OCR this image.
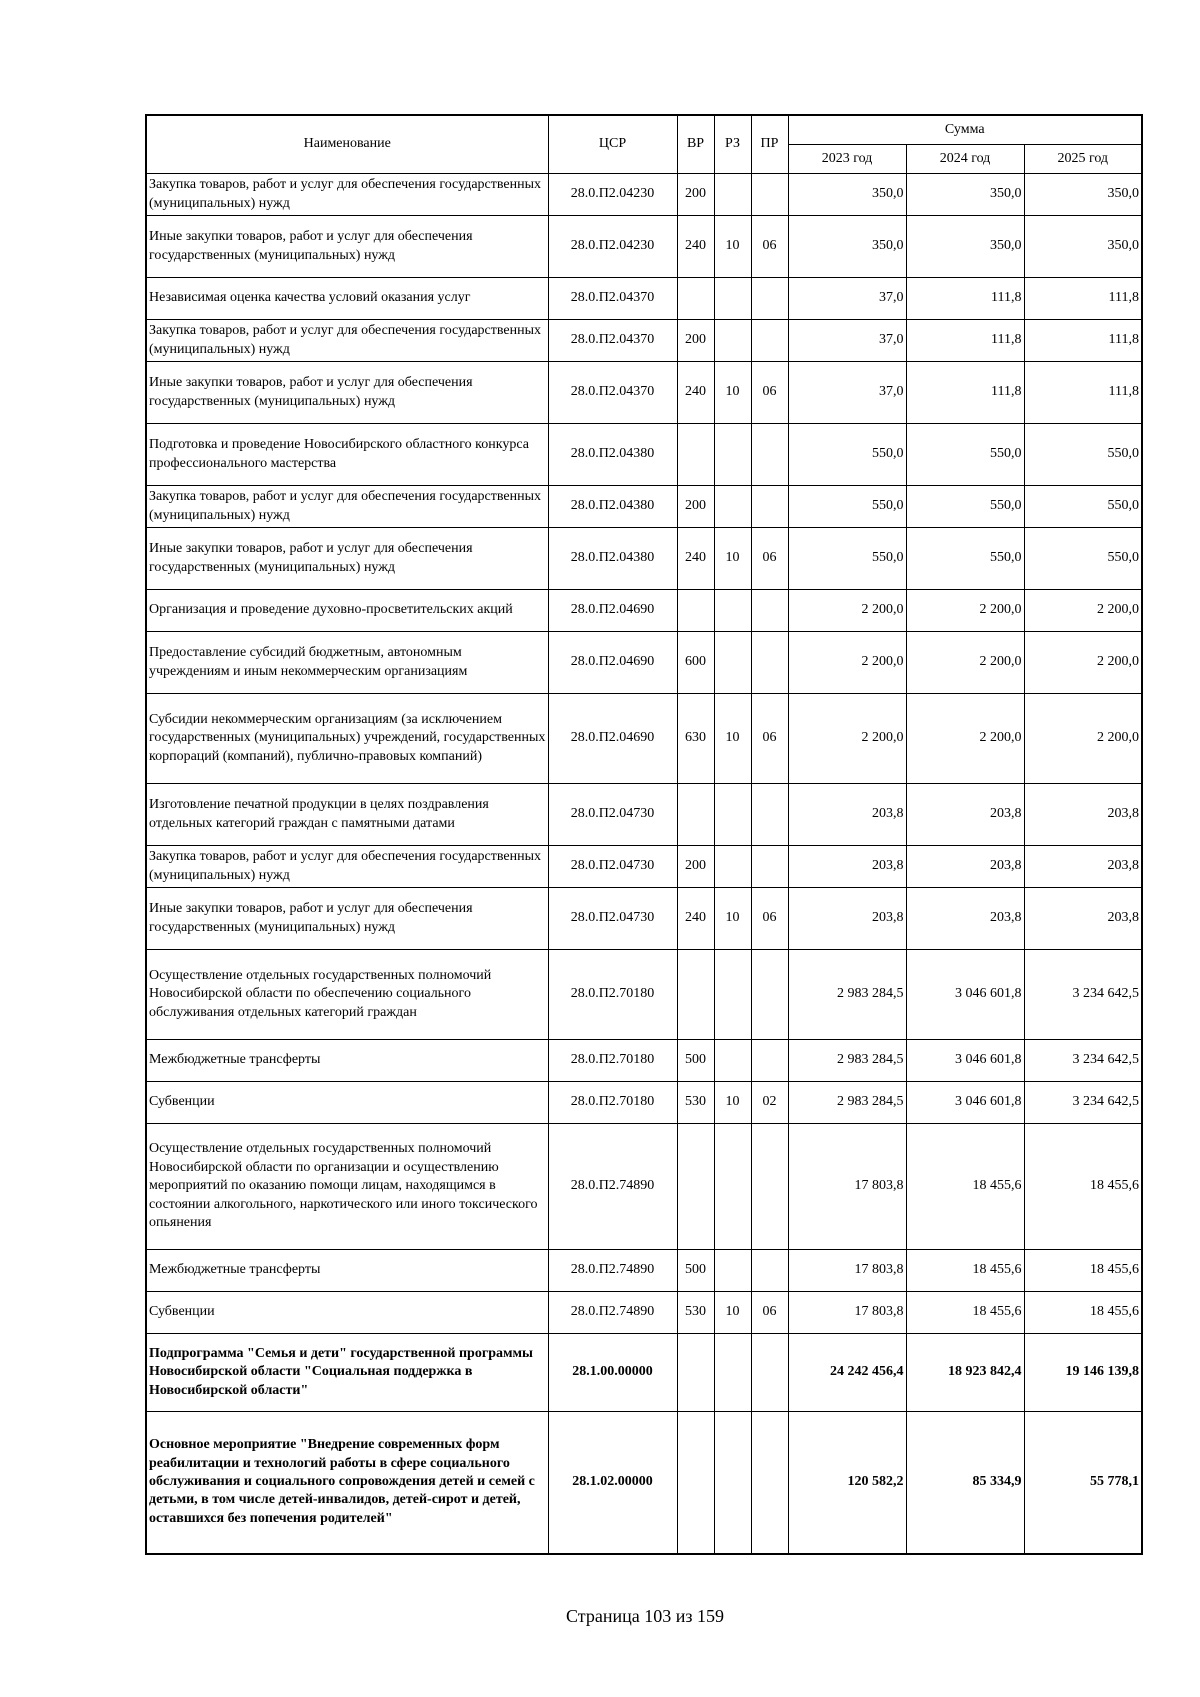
Наименование	ЦСР	ВР	РЗ	ПР	Сумма		
					2023 год	2024 год	2025 год
Закупка товаров, работ и услуг для обеспечения государственных (муниципальных) нужд	28.0.П2.04230	200			350,0	350,0	350,0
Иные закупки товаров, работ и услуг для обеспечения государственных (муниципальных) нужд	28.0.П2.04230	240	10	06	350,0	350,0	350,0
Независимая оценка качества условий оказания услуг	28.0.П2.04370				37,0	111,8	111,8
Закупка товаров, работ и услуг для обеспечения государственных (муниципальных) нужд	28.0.П2.04370	200			37,0	111,8	111,8
Иные закупки товаров, работ и услуг для обеспечения государственных (муниципальных) нужд	28.0.П2.04370	240	10	06	37,0	111,8	111,8
Подготовка и проведение Новосибирского областного конкурса профессионального мастерства	28.0.П2.04380				550,0	550,0	550,0
Закупка товаров, работ и услуг для обеспечения государственных (муниципальных) нужд	28.0.П2.04380	200			550,0	550,0	550,0
Иные закупки товаров, работ и услуг для обеспечения государственных (муниципальных) нужд	28.0.П2.04380	240	10	06	550,0	550,0	550,0
Организация и проведение духовно-просветительских акций	28.0.П2.04690				2 200,0	2 200,0	2 200,0
Предоставление субсидий бюджетным, автономным учреждениям и иным некоммерческим организациям	28.0.П2.04690	600			2 200,0	2 200,0	2 200,0
Субсидии некоммерческим организациям (за исключением государственных (муниципальных) учреждений, государственных корпораций (компаний), публично-правовых компаний)	28.0.П2.04690	630	10	06	2 200,0	2 200,0	2 200,0
Изготовление печатной продукции в целях поздравления отдельных категорий граждан с памятными датами	28.0.П2.04730				203,8	203,8	203,8
Закупка товаров, работ и услуг для обеспечения государственных (муниципальных) нужд	28.0.П2.04730	200			203,8	203,8	203,8
Иные закупки товаров, работ и услуг для обеспечения государственных (муниципальных) нужд	28.0.П2.04730	240	10	06	203,8	203,8	203,8
Осуществление отдельных государственных полномочий Новосибирской области по обеспечению социального обслуживания отдельных категорий граждан	28.0.П2.70180				2 983 284,5	3 046 601,8	3 234 642,5
Межбюджетные трансферты	28.0.П2.70180	500			2 983 284,5	3 046 601,8	3 234 642,5
Субвенции	28.0.П2.70180	530	10	02	2 983 284,5	3 046 601,8	3 234 642,5
Осуществление отдельных государственных полномочий Новосибирской области по организации и осуществлению мероприятий по оказанию помощи лицам, находящимся в состоянии алкогольного, наркотического или иного токсического опьянения	28.0.П2.74890				17 803,8	18 455,6	18 455,6
Межбюджетные трансферты	28.0.П2.74890	500			17 803,8	18 455,6	18 455,6
Субвенции	28.0.П2.74890	530	10	06	17 803,8	18 455,6	18 455,6
Подпрограмма "Семья и дети" государственной программы Новосибирской области "Социальная поддержка в Новосибирской области"	28.1.00.00000				24 242 456,4	18 923 842,4	19 146 139,8
Основное мероприятие "Внедрение современных форм реабилитации и технологий работы в сфере социального обслуживания и социального сопровождения детей и семей с детьми, в том числе детей-инвалидов, детей-сирот и детей, оставшихся без попечения родителей"	28.1.02.00000				120 582,2	85 334,9	55 778,1
Страница 103 из 159
